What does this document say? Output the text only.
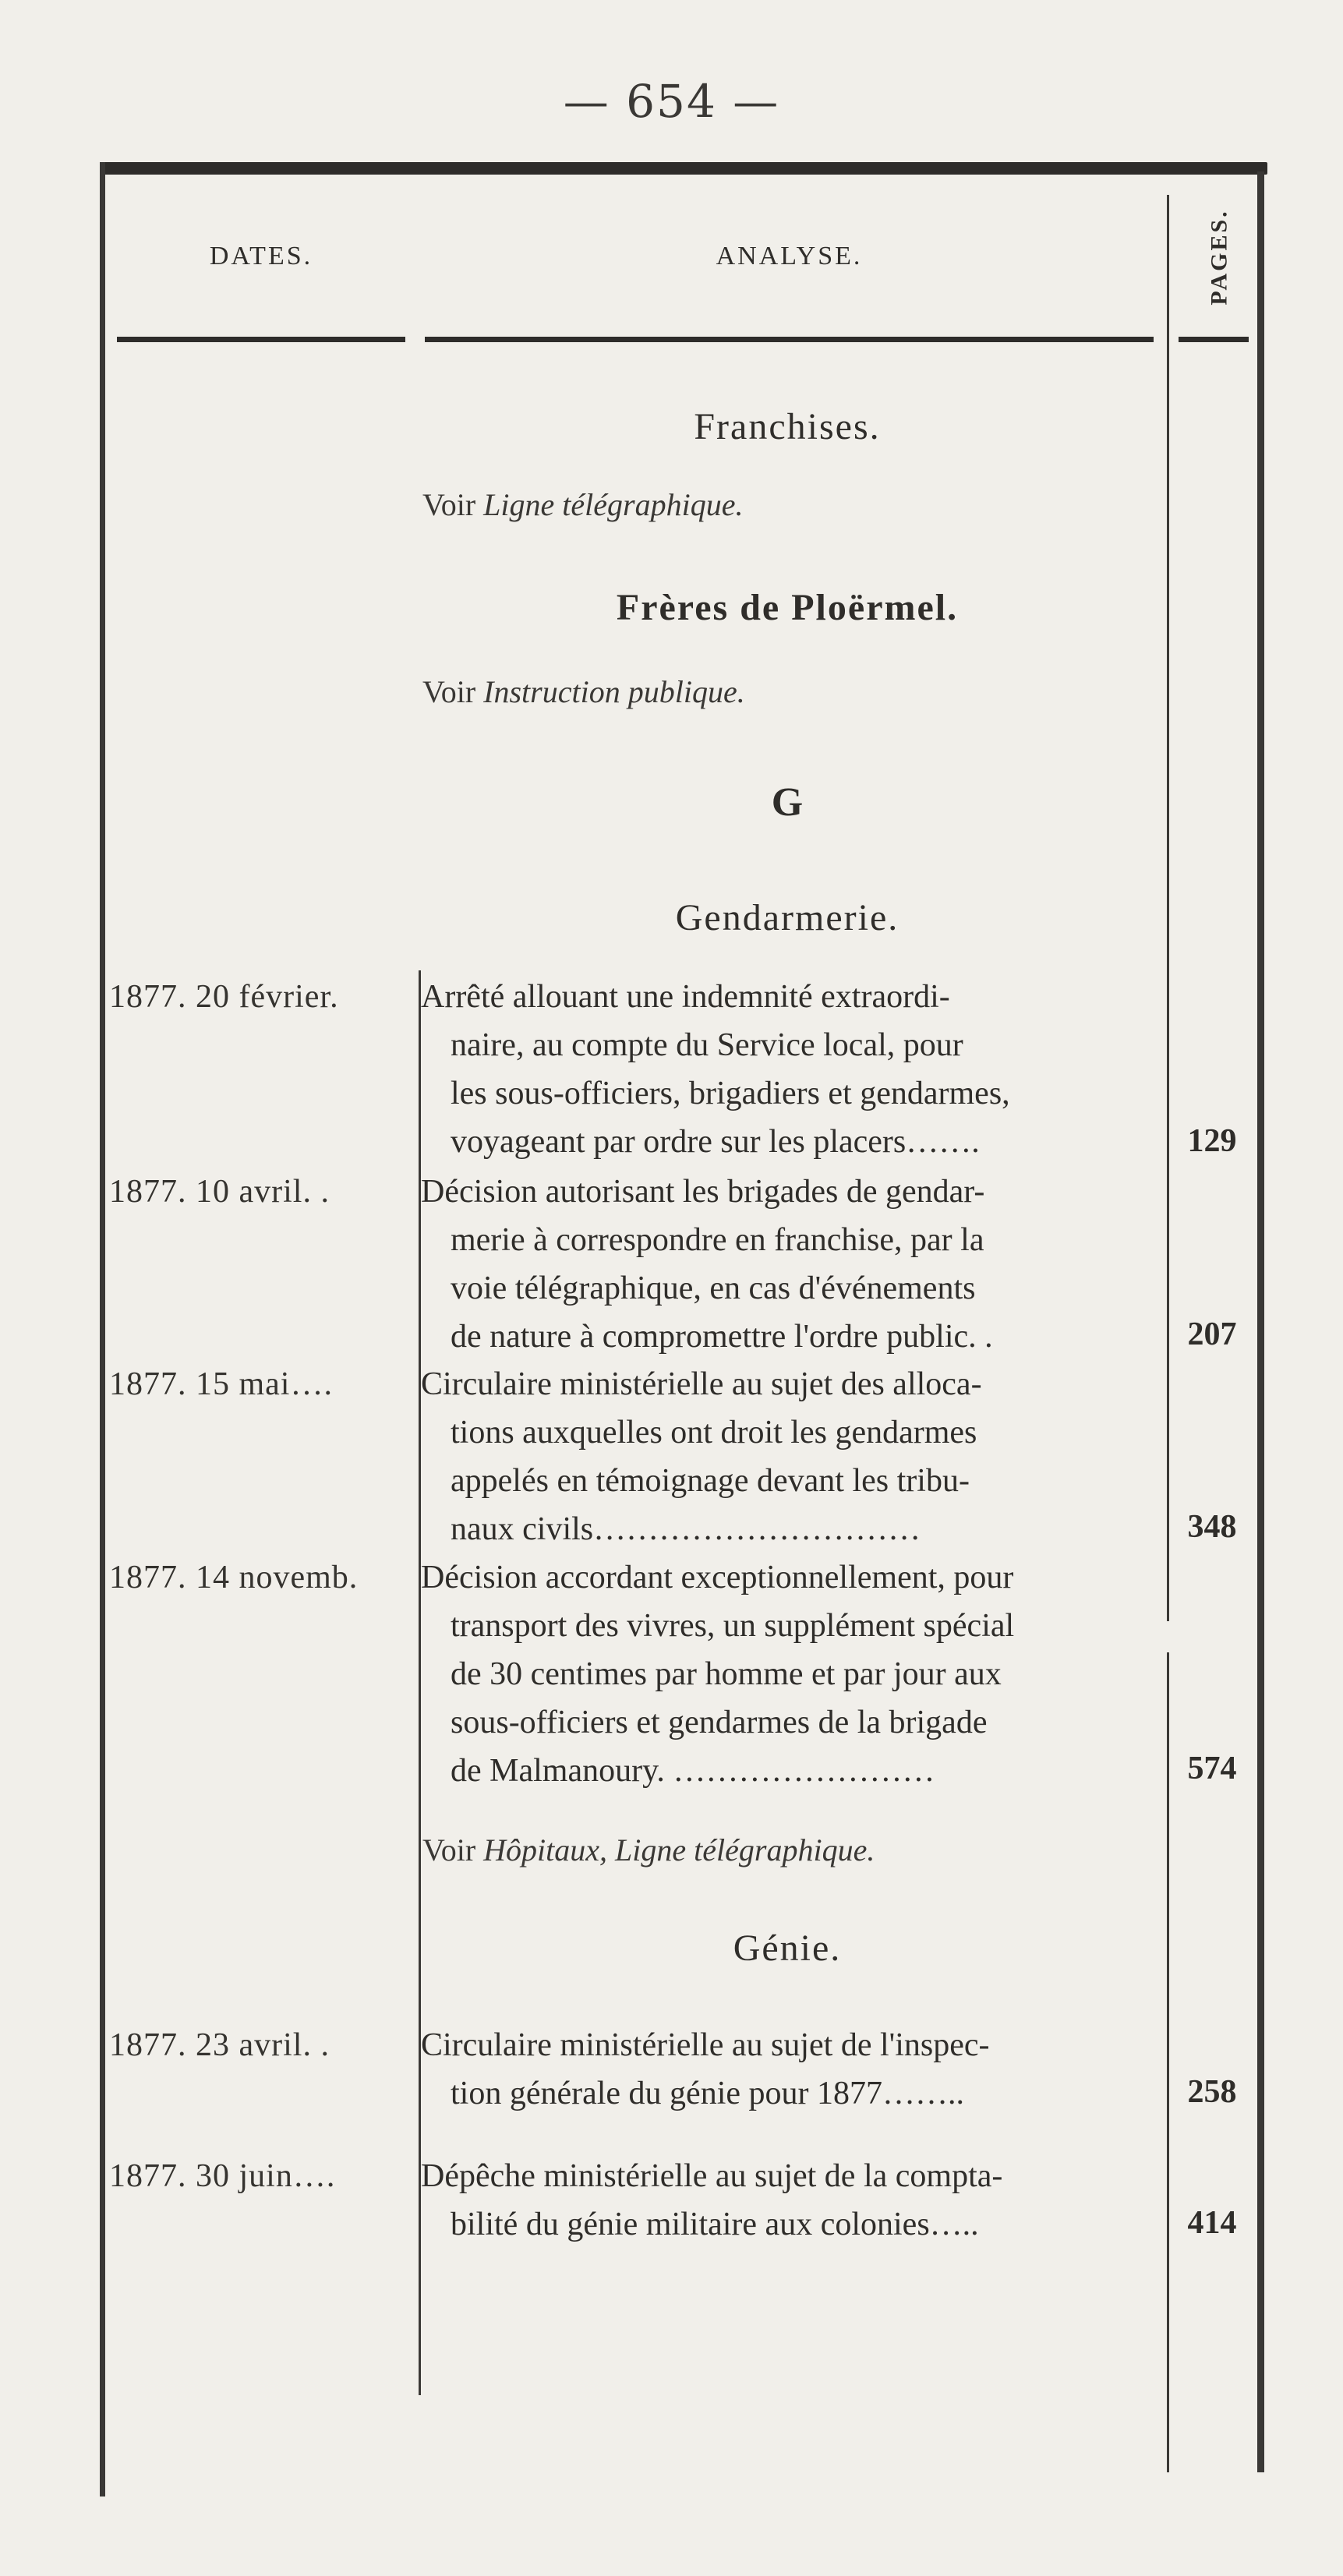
— 654 —
DATES.	ANALYSE.	PAGES.
Franchises.
Voir Ligne télégraphique.
Frères de Ploërmel.
Voir Instruction publique.
G
Gendarmerie.
1877. 20 février.	Arrêté allouant une indemnité extraordi-
naire, au compte du Service local, pour
les sous-officiers, brigadiers et gendarmes,
voyageant par ordre sur les placers…….	129
1877. 10 avril. .	Décision autorisant les brigades de gendar-
merie à correspondre en franchise, par la
voie télégraphique, en cas d'événements
de nature à compromettre l'ordre public. .	207
1877. 15 mai….	Circulaire ministérielle au sujet des alloca-
tions auxquelles ont droit les gendarmes
appelés en témoignage devant les tribu-
naux civils…………………………	348
1877. 14 novemb.	Décision accordant exceptionnellement, pour
transport des vivres, un supplément spécial
de 30 centimes par homme et par jour aux
sous-officiers et gendarmes de la brigade
de Malmanoury. ……………………	574
Voir Hôpitaux, Ligne télégraphique.
Génie.
1877. 23 avril. .	Circulaire ministérielle au sujet de l'inspec-
tion générale du génie pour 1877……..	258
1877. 30 juin….	Dépêche ministérielle au sujet de la compta-
bilité du génie militaire aux colonies…..	414
